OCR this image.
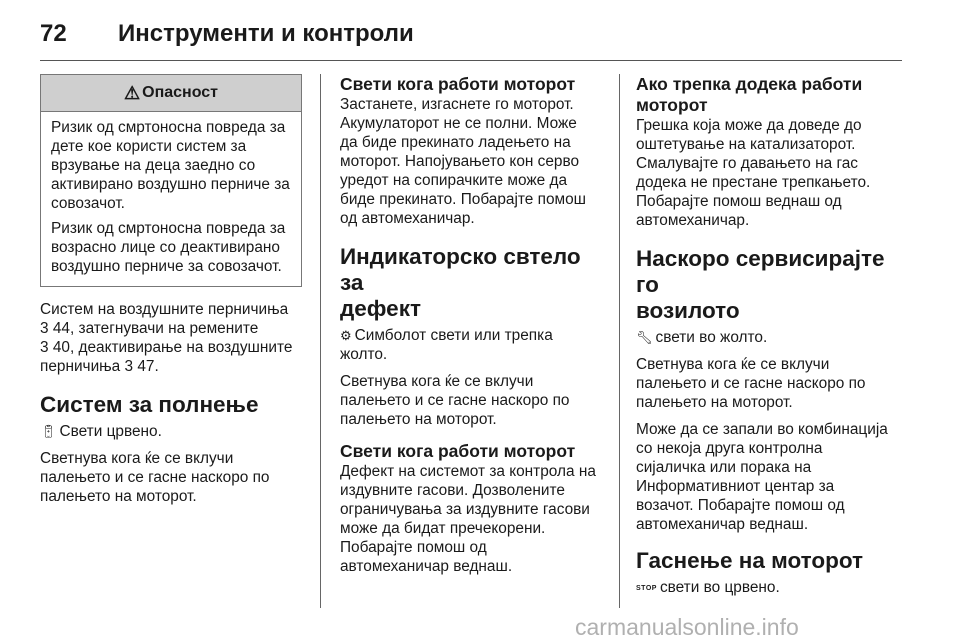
72 Инструменти и контроли
⚠ Опасност

Ризик од смртоносна повреда за дете кое користи систем за врзување на деца заедно со активирано воздушно перниче за совозачот.

Ризик од смртоносна повреда за возрасно лице со деактивирано воздушно перниче за совозачот.

Систем на воздушните перничиња
3 44, затегнувачи на ремените
3 40, деактивирање на воздушните
перничиња 3 47.

Систем за полнење

🔋︎ Свети црвено.

Светнува кога ќе се вклучи
палењето и се гасне наскоро по
палењето на моторот.

Свети кога работи моторот

Застанете, изгаснете го моторот.
Акумулаторот не се полни. Може
да биде прекинато ладењето на
моторот. Напојувањето кон серво
уредот на сопирачките може да
биде прекинато. Побарајте помош
од автомеханичар.

Индикаторско свтело за
дефект

⚙ Симболот свети или трепка
жолто.

Светнува кога ќе се вклучи
палењето и се гасне наскоро по
палењето на моторот.

Свети кога работи моторот

Дефект на системот за контрола на
издувните гасови. Дозволените
ограничувања за издувните гасови
може да бидат пречекорени.
Побарајте помош од
автомеханичар веднаш.

Ако трепка додека работи
моторот

Грешка која може да доведе до
оштетување на катализаторот.
Смалувајте го давањето на гас
додека не престане трепкањето.
Побарајте помош веднаш од
автомеханичар.

Наскоро сервисирајте го
возилото

🔧︎ свети во жолто.

Светнува кога ќе се вклучи
палењето и се гасне наскоро по
палењето на моторот.

Може да се запали во комбинација
со некоја друга контролна
сијаличка или порака на
Информативниот центар за
возачот. Побарајте помош од
автомеханичар веднаш.

Гаснење на моторот

STOP свети во црвено.

carmanualsonline.info
